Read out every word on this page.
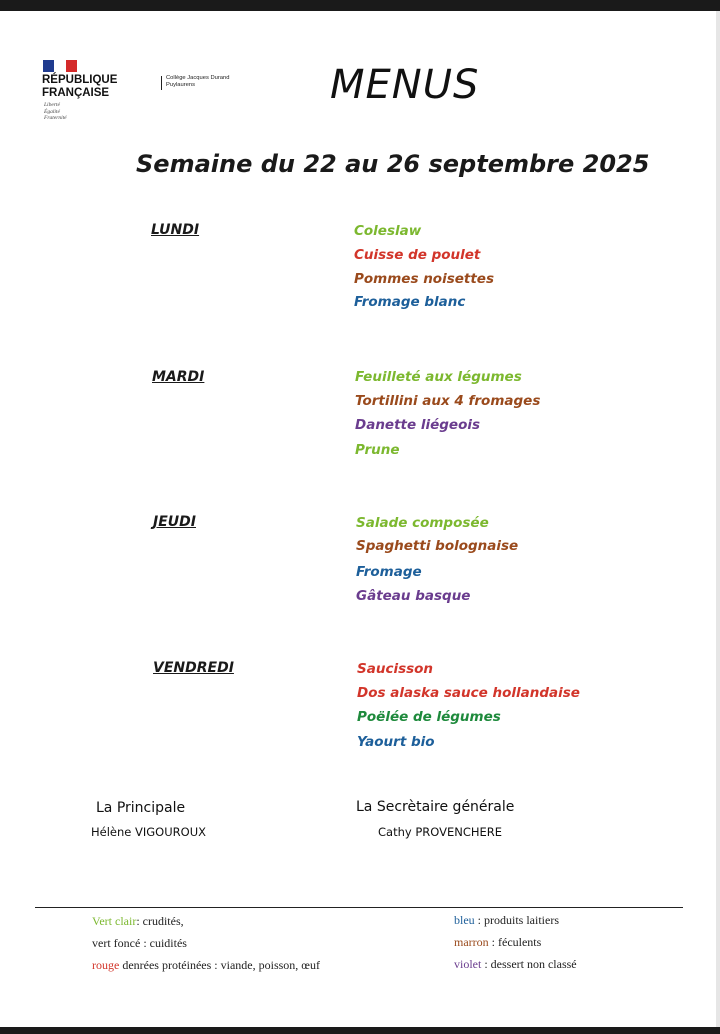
RÉPUBLIQUE
FRANÇAISE
Liberté
Égalité
Fraternité
Collège Jacques Durand
Puylaurens	MENUS
Semaine du 22 au 26 septembre 2025
LUNDI	Coleslaw
Cuisse de poulet
Pommes noisettes
Fromage blanc
MARDI	Feuilleté aux légumes
Tortillini aux 4 fromages
Danette liégeois
Prune
JEUDI	Salade composée
Spaghetti bolognaise
Fromage
Gâteau basque
VENDREDI	Saucisson
Dos alaska sauce hollandaise
Poëlée de légumes
Yaourt bio
La Principale
Hélène VIGOUROUX
La Secrètaire générale
Cathy PROVENCHERE
Vert clair: crudités,
vert foncé : cuidités
rouge denrées protéinées : viande, poisson, œuf
bleu : produits laitiers
marron : féculents
violet : dessert non classé
